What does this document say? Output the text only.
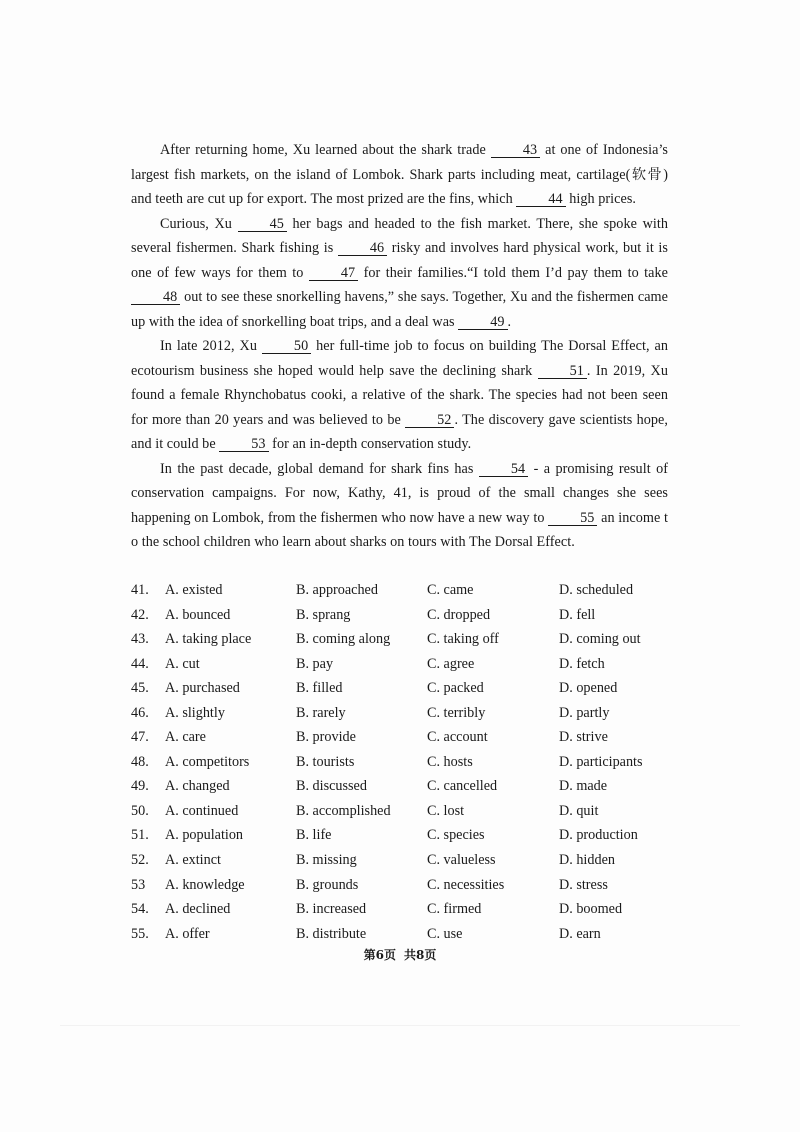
After returning home, Xu learned about the shark trade 43 at one of Indonesia’s largest fish markets, on the island of Lombok. Shark parts including meat, cartilage(软骨) and teeth are cut up for export. The most prized are the fins, which 44 high prices.

Curious, Xu 45 her bags and headed to the fish market. There, she spoke with several fishermen. Shark fishing is 46 risky and involves hard physical work, but it is one of few ways for them to 47 for their families.“I told them I’d pay them to take 48 out to see these snorkelling havens,” she says. Together, Xu and the fishermen came up with the idea of snorkelling boat trips, and a deal was 49 .

In late 2012, Xu 50 her full-time job to focus on building The Dorsal Effect, an ecotourism business she hoped would help save the declining shark 51 . In 2019, Xu found a female Rhynchobatus cooki, a relative of the shark. The species had not been seen for more than 20 years and was believed to be 52 . The discovery gave scientists hope, and it could be 53 for an in-depth conservation study.

In the past decade, global demand for shark fins has 54 - a promising result of conservation campaigns. For now, Kathy, 41, is proud of the small changes she sees happening on Lombok, from the fishermen who now have a new way to 55 an income t o the school children who learn about sharks on tours with The Dorsal Effect.

41. A. existed	B. approached	C. came	D. scheduled
42. A. bounced	B. sprang	C. dropped	D. fell
43. A. taking place	B. coming along	C. taking off	D. coming out
44. A. cut	B. pay	C. agree	D. fetch
45. A. purchased	B. filled	C. packed	D. opened
46. A. slightly	B. rarely	C. terribly	D. partly
47. A. care	B. provide	C. account	D. strive
48. A. competitors	B. tourists	C. hosts	D. participants
49. A. changed	B. discussed	C. cancelled	D. made
50. A. continued	B. accomplished	C. lost	D. quit
51. A. population	B. life	C. species	D. production
52. A. extinct	B. missing	C. valueless	D. hidden
53 A. knowledge	B. grounds	C. necessities	D. stress
54. A. declined	B. increased	C. firmed	D. boomed
55. A. offer	B. distribute	C. use	D. earn
第6页 共8页
